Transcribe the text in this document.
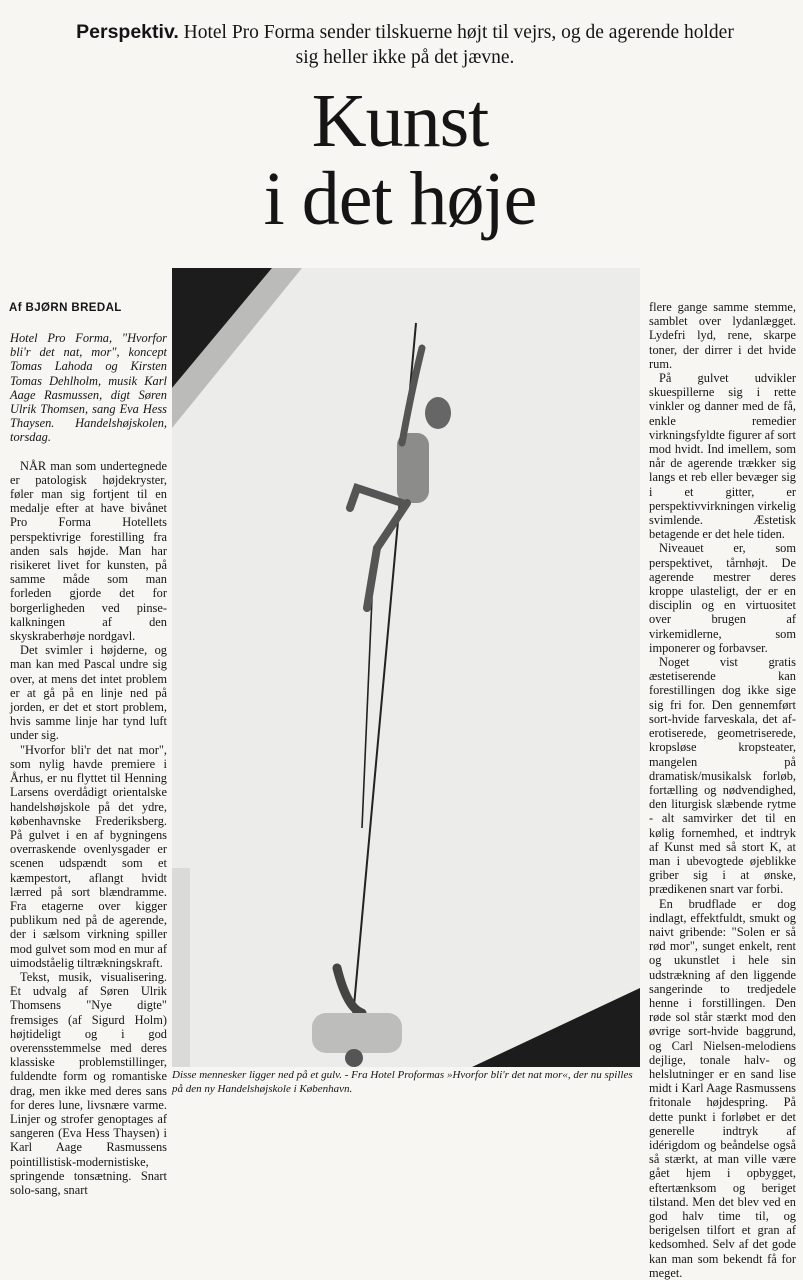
Perspektiv. Hotel Pro Forma sender tilskuerne højt til vejrs, og de agerende holder sig heller ikke på det jævne.
Kunst
i det høje
Af BJØRN BREDAL

Hotel Pro Forma, "Hvorfor bli'r det nat, mor", koncept Tomas Lahoda og Kirsten Tomas Dehlholm, musik Karl Aage Rasmussen, digt Søren Ulrik Thomsen, sang Eva Hess Thaysen. Handelshøjskolen, torsdag.

NÅR man som undertegnede er patologisk højdekryster, føler man sig fortjent til en medalje efter at have bivånet Pro Forma Hotellets perspektivrige forestilling fra anden sals højde. Man har risikeret livet for kunsten, på samme måde som man forleden gjorde det for borgerligheden ved pinse-kalkningen af den skyskraberhøje nordgavl.

Det svimler i højderne, og man kan med Pascal undre sig over, at mens det intet problem er at gå på en linje ned på jorden, er det et stort problem, hvis samme linje har tynd luft under sig.

"Hvorfor bli'r det nat mor", som nylig havde premiere i Århus, er nu flyttet til Henning Larsens overdådigt orientalske handelshøjskole på det ydre, københavnske Frederiksberg. På gulvet i en af bygningens overraskende ovenlysgader er scenen udspændt som et kæmpestort, aflangt hvidt lærred på sort blændramme. Fra etagerne over kigger publikum ned på de agerende, der i sælsom virkning spiller mod gulvet som mod en mur af uimodståelig tiltrækningskraft.

Tekst, musik, visualisering. Et udvalg af Søren Ulrik Thomsens "Nye digte" fremsiges (af Sigurd Holm) højtideligt og i god overensstemmelse med deres klassiske problemstillinger, fuldendte form og romantiske drag, men ikke med deres sans for deres lune, livsnære varme. Linjer og strofer genoptages af sangeren (Eva Hess Thaysen) i Karl Aage Rasmussens pointillistisk-modernistiske, springende tonsætning. Snart solo-sang, snart

flere gange samme stemme, samblet over lydanlægget. Lydefri lyd, rene, skarpe toner, der dirrer i det hvide rum.

På gulvet udvikler skuespillerne sig i rette vinkler og danner med de få, enkle remedier virkningsfyldte figurer af sort mod hvidt. Ind imellem, som når de agerende trækker sig langs et reb eller bevæger sig i et gitter, er perspektivvirkningen virkelig svimlende. Æstetisk betagende er det hele tiden.

Niveauet er, som perspektivet, tårnhøjt. De agerende mestrer deres kroppe ulasteligt, der er en disciplin og en virtuositet over brugen af virkemidlerne, som imponerer og forbavser.

Noget vist gratis æstetiserende kan forestillingen dog ikke sige sig fri for. Den gennemført sort-hvide farveskala, det af-erotiserede, geometriserede, kropsløse kropsteater, mangelen på dramatisk/musikalsk forløb, fortælling og nødvendighed, den liturgisk slæbende rytme - alt samvirker det til en kølig fornemhed, et indtryk af Kunst med så stort K, at man i ubevogtede øjeblikke griber sig i at ønske, prædikenen snart var forbi.

En brudflade er dog indlagt, effektfuldt, smukt og naivt gribende: "Solen er så rød mor", sunget enkelt, rent og ukunstlet i hele sin udstrækning af den liggende sangerinde to tredjedele henne i forstillingen. Den røde sol står stærkt mod den øvrige sort-hvide baggrund, og Carl Nielsen-melodiens dejlige, tonale halv- og helslutninger er en sand lise midt i Karl Aage Rasmussens fritonale højdespring. På dette punkt i forløbet er det generelle indtryk af idérigdom og beåndelse også så stærkt, at man ville være gået hjem i opbygget, eftertænksom og beriget tilstand. Men det blev ved en god halv time til, og berigelsen tilfort et gran af kedsomhed. Selv af det gode kan man som bekendt få for meget.

Disse mennesker ligger ned på et gulv. - Fra Hotel Proformas »Hvorfor bli'r det nat mor«, der nu spilles på den ny Handelshøjskole i København.
